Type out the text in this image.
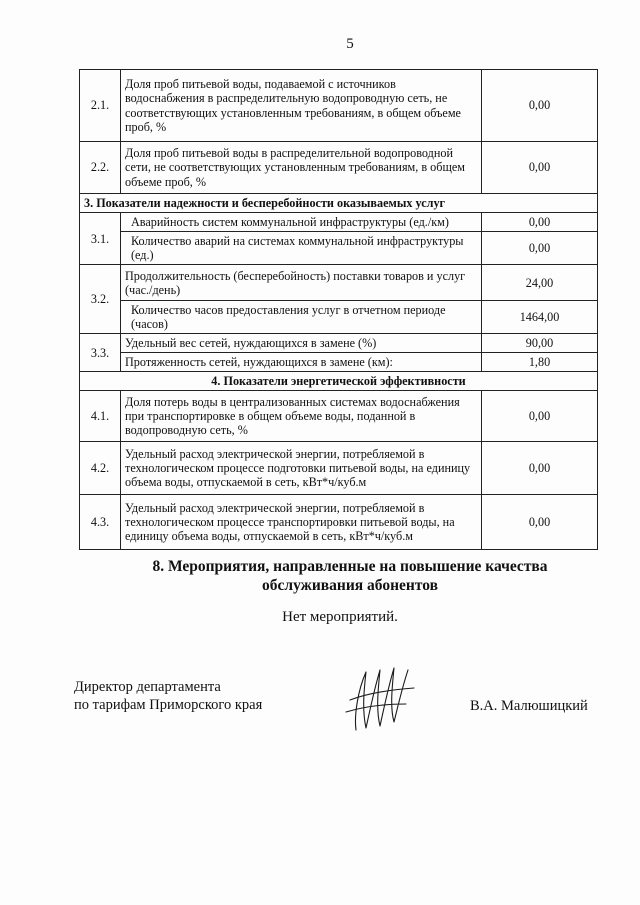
5
2.1.	Доля проб питьевой воды, подаваемой с источников водоснабжения в распределительную водопроводную сеть, не соответствующих установленным требованиям, в общем объеме проб, %	0,00
2.2.	Доля проб питьевой воды в распределительной водопроводной сети, не соответствующих установленным требованиям, в общем объеме проб, %	0,00
3. Показатели надежности и бесперебойности оказываемых услуг		
3.1.	Аварийность систем коммунальной инфраструктуры (ед./км)	0,00
	Количество аварий на системах коммунальной инфраструктуры (ед.)	0,00
3.2.	Продолжительность (бесперебойность) поставки товаров и услуг (час./день)	24,00
	Количество часов предоставления услуг в отчетном периоде (часов)	1464,00
3.3.	Удельный вес сетей, нуждающихся в замене (%)	90,00
	Протяженность сетей, нуждающихся в замене (км):	1,80
4. Показатели энергетической эффективности		
4.1.	Доля потерь воды в централизованных системах водоснабжения при транспортировке в общем объеме воды, поданной в водопроводную сеть, %	0,00
4.2.	Удельный расход электрической энергии, потребляемой в технологическом процессе подготовки питьевой воды, на единицу объема воды, отпускаемой в сеть, кВт*ч/куб.м	0,00
4.3.	Удельный расход электрической энергии, потребляемой в технологическом процессе транспортировки питьевой воды, на единицу объема воды, отпускаемой в сеть, кВт*ч/куб.м	0,00
8. Мероприятия, направленные на повышение качества
обслуживания абонентов
Нет мероприятий.
Директор департамента
по тарифам Приморского края	В.А. Малюшицкий
